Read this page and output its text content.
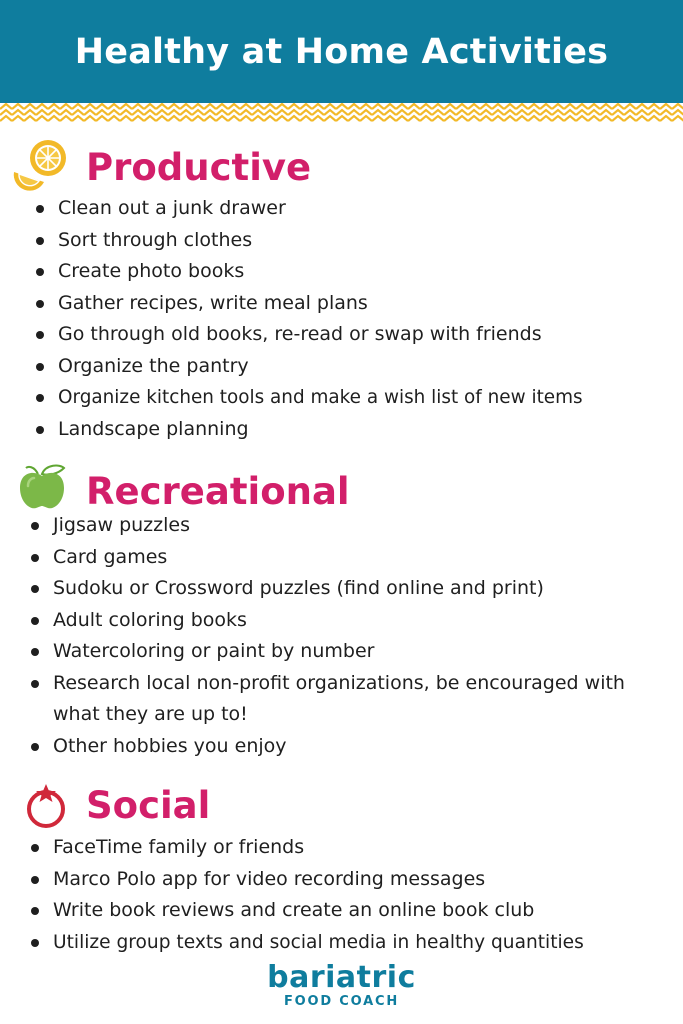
Healthy at Home Activities
Productive
Clean out a junk drawer
Sort through clothes
Create photo books
Gather recipes, write meal plans
Go through old books, re-read or swap with friends
Organize the pantry
Organize kitchen tools and make a wish list of new items
Landscape planning
Recreational
Jigsaw puzzles
Card games
Sudoku or Crossword puzzles (find online and print)
Adult coloring books
Watercoloring or paint by number
Research local non-profit organizations, be encouraged with what they are up to!
Other hobbies you enjoy
Social
FaceTime family or friends
Marco Polo app for video recording messages
Write book reviews and create an online book club
Utilize group texts and social media in healthy quantities
bariatric
FOOD COACH
